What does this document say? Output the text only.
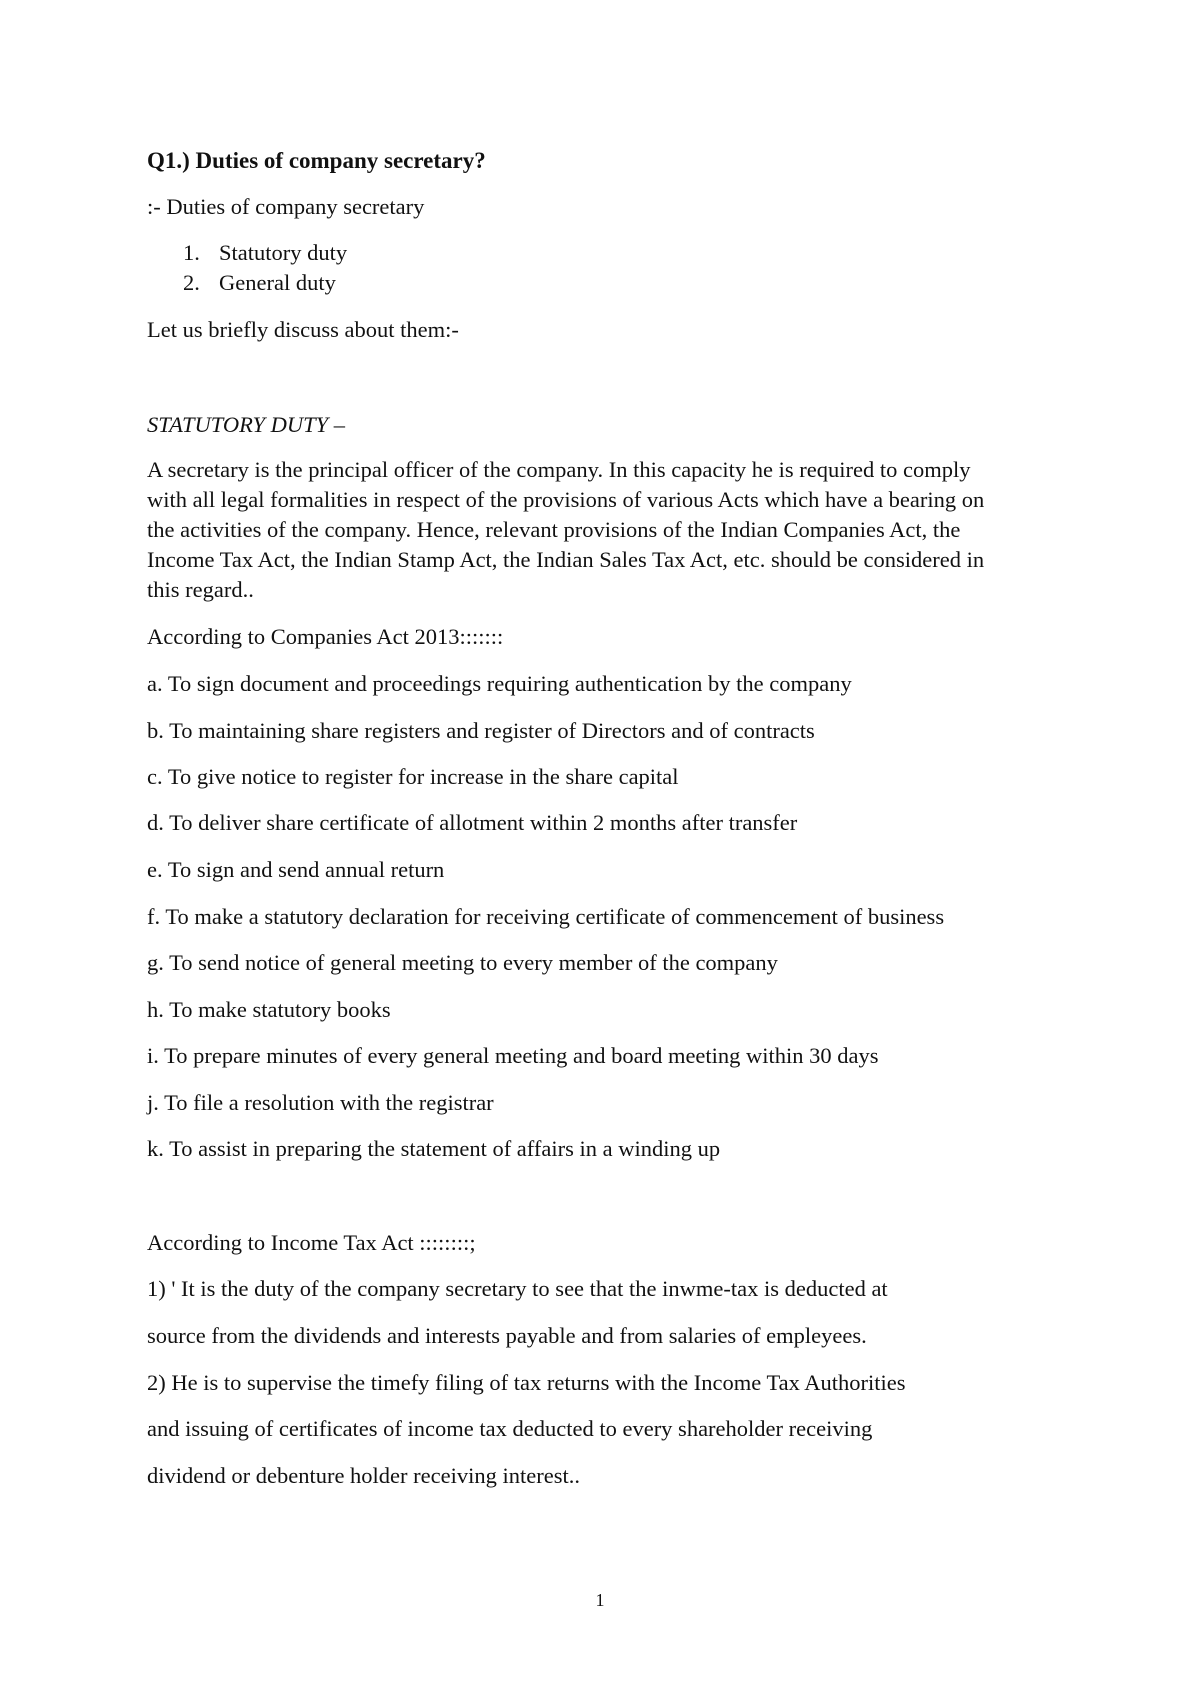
Q1.) Duties of company secretary?
:- Duties of company secretary
1. Statutory duty
2. General duty
Let us briefly discuss about them:-
STATUTORY DUTY –
A secretary is the principal officer of the company. In this capacity he is required to comply
with all legal formalities in respect of the provisions of various Acts which have a bearing on
the activities of the company. Hence, relevant provisions of the Indian Companies Act, the
Income Tax Act, the Indian Stamp Act, the Indian Sales Tax Act, etc. should be considered in
this regard..
According to Companies Act 2013:::::::
a. To sign document and proceedings requiring authentication by the company
b. To maintaining share registers and register of Directors and of contracts
c. To give notice to register for increase in the share capital
d. To deliver share certificate of allotment within 2 months after transfer
e. To sign and send annual return
f. To make a statutory declaration for receiving certificate of commencement of business
g. To send notice of general meeting to every member of the company
h. To make statutory books
i. To prepare minutes of every general meeting and board meeting within 30 days
j. To file a resolution with the registrar
k. To assist in preparing the statement of affairs in a winding up
According to Income Tax Act ::::::::;
1) ' It is the duty of the company secretary to see that the inwme-tax is deducted at
source from the dividends and interests payable and from salaries of empleyees.
2) He is to supervise the timefy filing of tax returns with the Income Tax Authorities
and issuing of certificates of income tax deducted to every shareholder receiving
dividend or debenture holder receiving interest..
1
